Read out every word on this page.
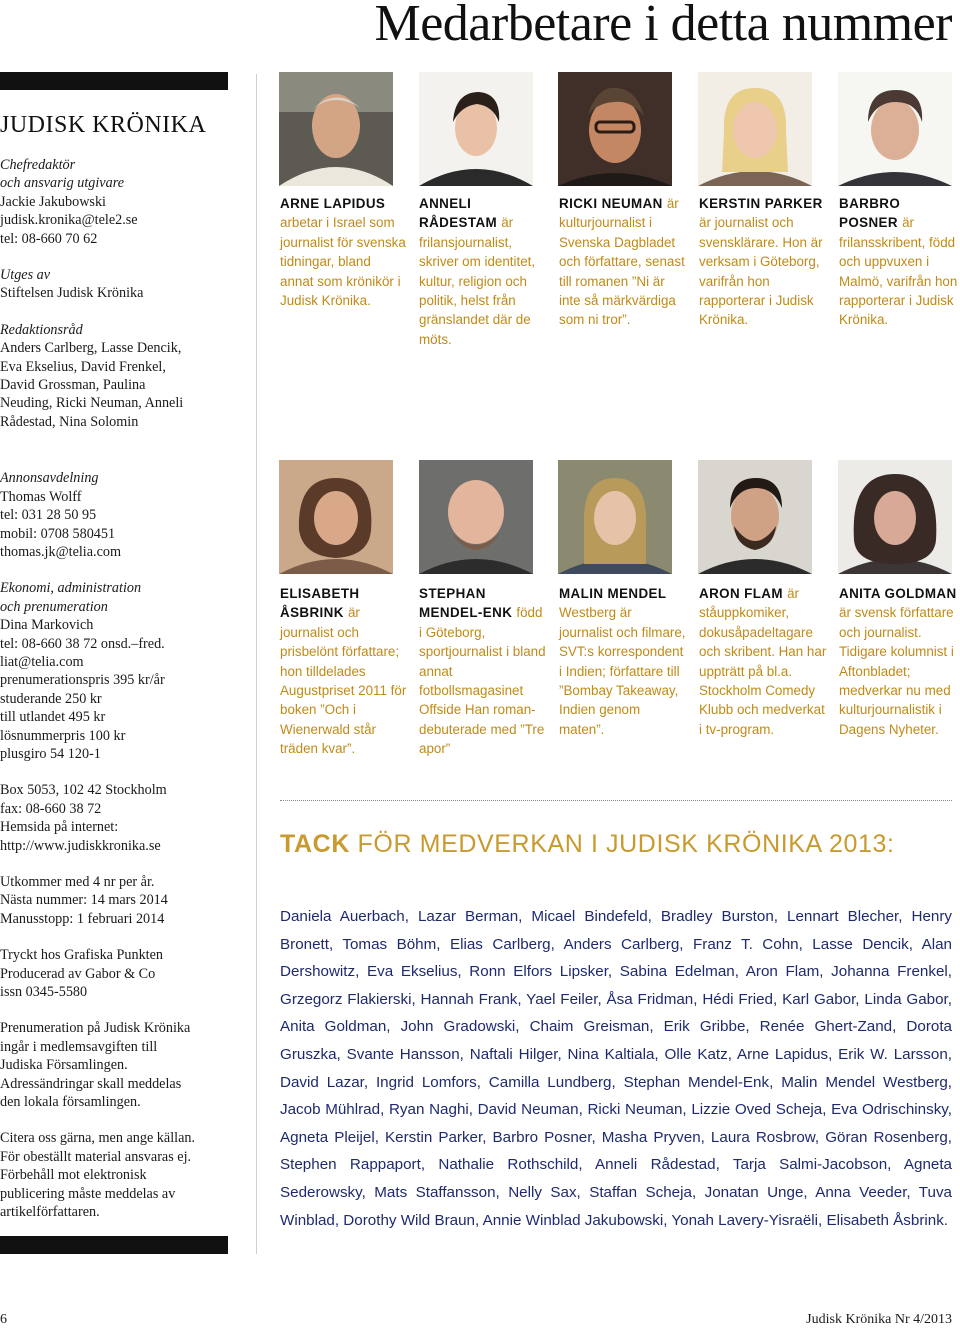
Medarbetare i detta nummer
JUDISK KRÖNIKA
Chefredaktör
och ansvarig utgivare
Jackie Jakubowski
judisk.kronika@tele2.se
tel: 08-660 70 62
Utges av
Stiftelsen Judisk Krönika
Redaktionsråd
Anders Carlberg, Lasse Dencik,
Eva Ekselius, David Frenkel,
David Grossman, Paulina
Neuding, Ricki Neuman, Anneli
Rådestad, Nina Solomin
Annonsavdelning
Thomas Wolff
tel: 031 28 50 95
mobil: 0708 580451
thomas.jk@telia.com
Ekonomi, administration
och prenumeration
Dina Markovich
tel: 08-660 38 72 onsd.–fred.
liat@telia.com
prenumerationspris 395 kr/år
studerande 250 kr
till utlandet 495 kr
lösnummerpris 100 kr
plusgiro 54 120-1
Box 5053, 102 42 Stockholm
fax: 08-660 38 72
Hemsida på internet:
http://www.judiskkronika.se
Utkommer med 4 nr per år.
Nästa nummer: 14 mars 2014
Manusstopp: 1 februari 2014
Tryckt hos Grafiska Punkten
Producerad av Gabor & Co
issn 0345-5580
Prenumeration på Judisk Krönika
ingår i medlemsavgiften till
Judiska Församlingen.
Adressändringar skall meddelas
den lokala församlingen.
Citera oss gärna, men ange källan.
För obeställt material ansvaras ej.
Förbehåll mot elektronisk
publicering måste meddelas av
artikelförfattaren.
ARNE LAPIDUS arbetar i Israel som journalist för svenska tidningar, bland annat som krönikör i Judisk Krönika.
ANNELI RÅDESTAM är frilansjournalist, skriver om identitet, kultur, religion och politik, helst från gränslandet där de möts.
RICKI NEUMAN är kulturjournalist i Svenska Dagbladet och författare, senast till romanen ”Ni är inte så märkvärdiga som ni tror”.
KERSTIN PARKER är journalist och svensklärare. Hon är verksam i Göteborg, varifrån hon rapporterar i Judisk Krönika.
BARBRO POSNER är frilansskribent, född och uppvuxen i Malmö, varifrån hon rapporterar i Judisk Krönika.
ELISABETH ÅSBRINK är journalist och prisbelönt författare; hon tilldelades Augustpriset 2011 för boken ”Och i Wienerwald står träden kvar”.
STEPHAN MENDEL-ENK född i Göteborg, sportjournalist i bland annat fotbollsmagasinet Offside Han romandebuterade med ”Tre apor”
MALIN MENDEL Westberg är journalist och filmare, SVT:s korrespondent i Indien; författare till ”Bombay Takeaway, Indien genom maten”.
ARON FLAM är ståuppkomiker, dokusåpadeltagare och skribent. Han har uppträtt på bl.a. Stockholm Comedy Klubb och medverkat i tv-program.
ANITA GOLDMAN är svensk författare och journalist. Tidigare kolumnist i Aftonbladet; medverkar nu med kulturjournalistik i Dagens Nyheter.
TACK FÖR MEDVERKAN I JUDISK KRÖNIKA 2013:
Daniela Auerbach, Lazar Berman, Micael Bindefeld, Bradley Burston, Lennart Blecher, Henry Bronett, Tomas Böhm, Elias Carlberg, Anders Carlberg, Franz T. Cohn, Lasse Dencik, Alan Dershowitz, Eva Ekselius, Ronn Elfors Lipsker, Sabina Edelman, Aron Flam, Johanna Frenkel, Grzegorz Flakierski, Hannah Frank, Yael Feiler, Åsa Fridman, Hédi Fried, Karl Gabor, Linda Gabor, Anita Goldman, John Gradowski, Chaim Greisman, Erik Gribbe, Renée Ghert-Zand, Dorota Gruszka, Svante Hansson, Naftali Hilger, Nina Kaltiala, Olle Katz, Arne Lapidus, Erik W. Larsson, David Lazar, Ingrid Lomfors, Camilla Lundberg, Stephan Mendel-Enk, Malin Mendel Westberg, Jacob Mühlrad, Ryan Naghi, David Neuman, Ricki Neuman, Lizzie Oved Scheja, Eva Odrischinsky, Agneta Pleijel, Kerstin Parker, Barbro Posner, Masha Pryven, Laura Rosbrow, Göran Rosenberg, Stephen Rappaport, Nathalie Rothschild, Anneli Rådestad, Tarja Salmi-Jacobson, Agneta Sederowsky, Mats Staffansson, Nelly Sax, Staffan Scheja, Jonatan Unge, Anna Veeder, Tuva Winblad, Dorothy Wild Braun, Annie Winblad Jakubowski, Yonah Lavery-Yisraëli, Elisabeth Åsbrink.
6	Judisk Krönika Nr 4/2013
